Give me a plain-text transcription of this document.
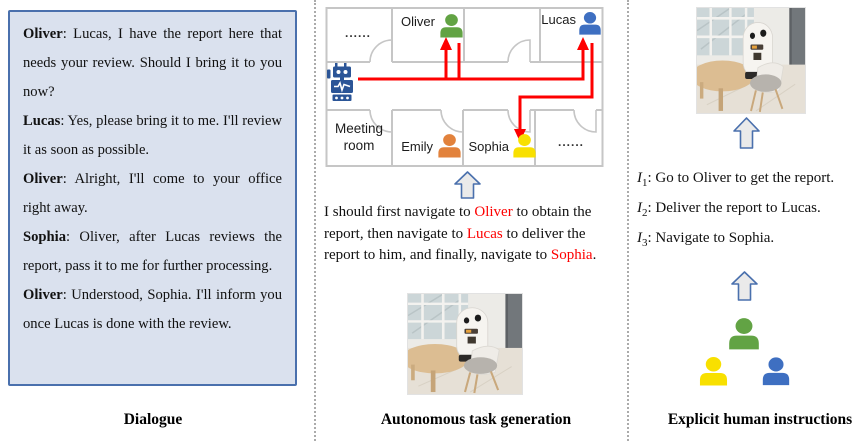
Oliver: Lucas, I have the report here that needs your review. Should I bring it to you now?

Lucas: Yes, please bring it to me. I'll review it as soon as possible.

Oliver: Alright, I'll come to your office right away.

Sophia: Oliver, after Lucas reviews the report, pass it to me for further processing.

Oliver: Understood, Sophia. I'll inform you once Lucas is done with the review.

......
Oliver	Lucas
Meeting
room Emily	Sophia	......
I should first navigate to Oliver to obtain the report, then navigate to Lucas to deliver the report to him, and finally, navigate to Sophia.
$I_1$: Go to Oliver to get the report.
$I_2$: Deliver the report to Lucas.
$I_3$: Navigate to Sophia.
Dialogue	Autonomous task generation	Explicit human instructions
